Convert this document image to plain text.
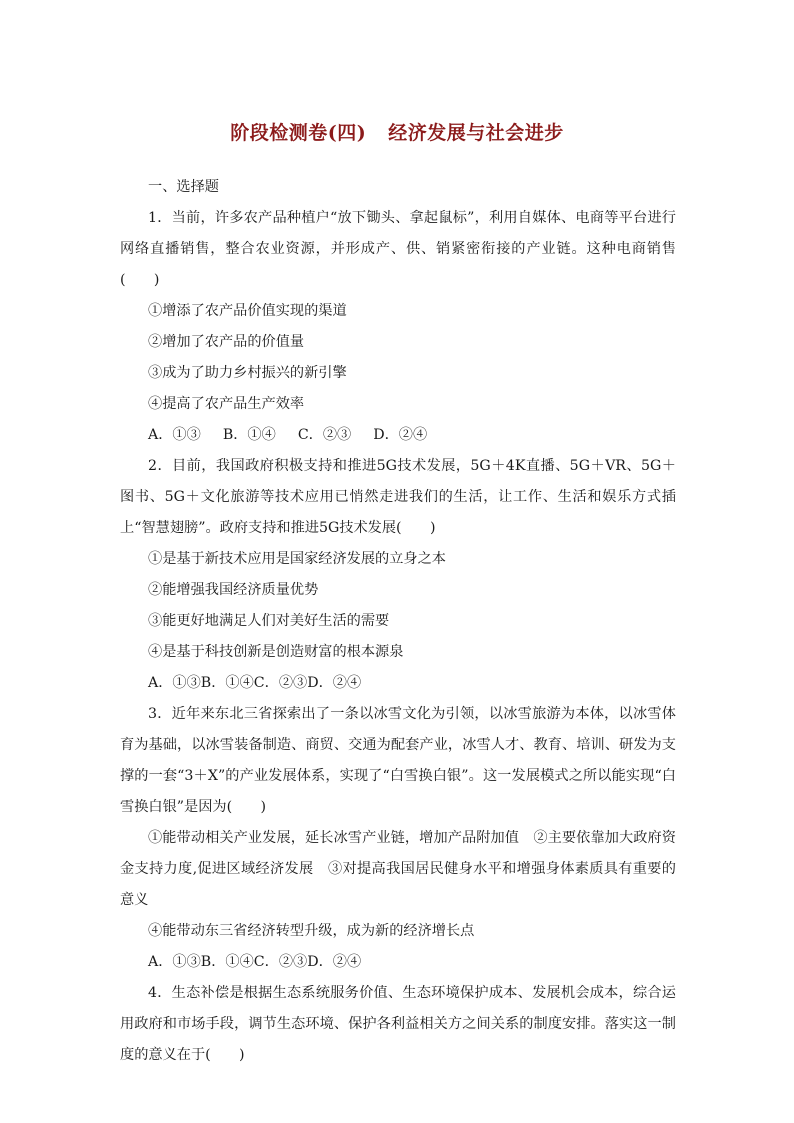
阶段检测卷(四) 经济发展与社会进步

一、选择题

1．当前，许多农产品种植户“放下锄头、拿起鼠标”，利用自媒体、电商等平台进行网络直播销售，整合农业资源，并形成产、供、销紧密衔接的产业链。这种电商销售(　　)

①增添了农产品价值实现的渠道

②增加了农产品的价值量

③成为了助力乡村振兴的新引擎

④提高了农产品生产效率

A．①③ B．①④ C．②③ D．②④

2．目前，我国政府积极支持和推进5G技术发展，5G＋4K直播、5G＋VR、5G＋图书、5G＋文化旅游等技术应用已悄然走进我们的生活，让工作、生活和娱乐方式插上“智慧翅膀”。政府支持和推进5G技术发展(　　)

①是基于新技术应用是国家经济发展的立身之本

②能增强我国经济质量优势

③能更好地满足人们对美好生活的需要

④是基于科技创新是创造财富的根本源泉

A．①③B．①④C．②③D．②④

3．近年来东北三省探索出了一条以冰雪文化为引领，以冰雪旅游为本体，以冰雪体育为基础，以冰雪装备制造、商贸、交通为配套产业，冰雪人才、教育、培训、研发为支撑的一套“3＋X”的产业发展体系，实现了“白雪换白银”。这一发展模式之所以能实现“白雪换白银”是因为(　　)

①能带动相关产业发展，延长冰雪产业链，增加产品附加值　②主要依靠加大政府资金支持力度,促进区域经济发展　③对提高我国居民健身水平和增强身体素质具有重要的意义

④能带动东三省经济转型升级，成为新的经济增长点

A．①③B．①④C．②③D．②④

4．生态补偿是根据生态系统服务价值、生态环境保护成本、发展机会成本，综合运用政府和市场手段，调节生态环境、保护各利益相关方之间关系的制度安排。落实这一制度的意义在于(　　)
